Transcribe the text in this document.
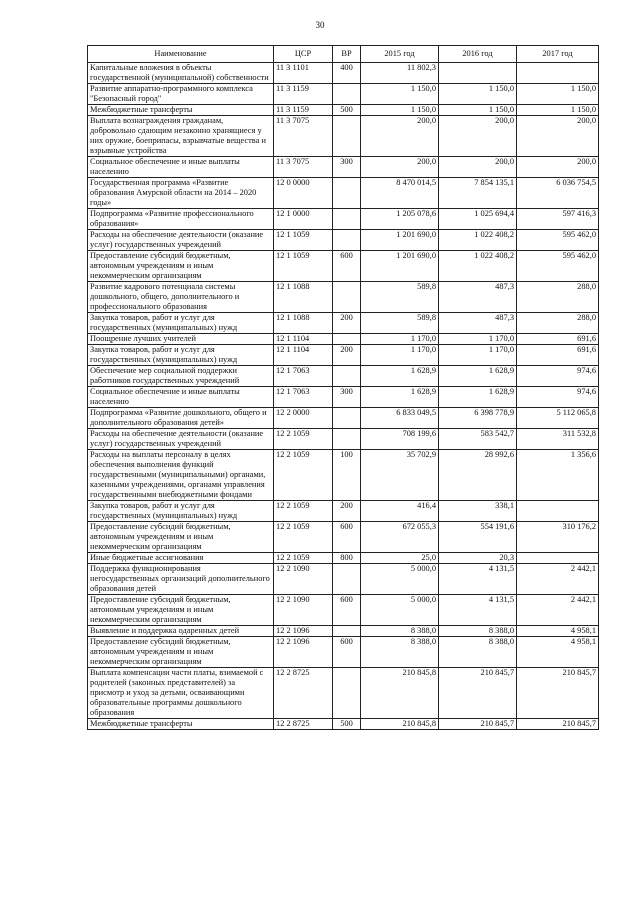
30
Наименование	ЦСР	ВР	2015 год	2016 год	2017 год
Капитальные вложения в объекты государственной (муниципальной) собственности	11 3 1101	400	11 802,3		
Развитие аппаратно-программного комплекса "Безопасный город"	11 3 1159		1 150,0	1 150,0	1 150,0
Межбюджетные трансферты	11 3 1159	500	1 150,0	1 150,0	1 150,0
Выплата вознаграждения гражданам, добровольно сдающим незаконно хранящиеся у них оружие, боеприпасы, взрывчатые вещества и взрывные устройства	11 3 7075		200,0	200,0	200,0
Социальное обеспечение и иные выплаты населению	11 3 7075	300	200,0	200,0	200,0
Государственная программа «Развитие образования Амурской области на 2014 – 2020 годы»	12 0 0000		8 470 014,5	7 854 135,1	6 036 754,5
Подпрограмма «Развитие профессионального образования»	12 1 0000		1 205 078,6	1 025 694,4	597 416,3
Расходы на обеспечение деятельности (оказание услуг) государственных учреждений	12 1 1059		1 201 690,0	1 022 408,2	595 462,0
Предоставление субсидий бюджетным, автономным учреждениям и иным некоммерческим организациям	12 1 1059	600	1 201 690,0	1 022 408,2	595 462,0
Развитие кадрового потенциала системы дошкольного, общего, дополнительного и профессионального образования	12 1 1088		589,8	487,3	288,0
Закупка товаров, работ и услуг для государственных (муниципальных) нужд	12 1 1088	200	589,8	487,3	288,0
Поощрение лучших учителей	12 1 1104		1 170,0	1 170,0	691,6
Закупка товаров, работ и услуг для государственных (муниципальных) нужд	12 1 1104	200	1 170,0	1 170,0	691,6
Обеспечение мер социальной поддержки работников государственных учреждений	12 1 7063		1 628,9	1 628,9	974,6
Социальное обеспечение и иные выплаты населению	12 1 7063	300	1 628,9	1 628,9	974,6
Подпрограмма «Развитие дошкольного, общего и дополнительного образования детей»	12 2 0000		6 833 049,5	6 398 778,9	5 112 065,8
Расходы на обеспечение деятельности (оказание услуг) государственных учреждений	12 2 1059		708 199,6	583 542,7	311 532,8
Расходы на выплаты персоналу в целях обеспечения выполнения функций государственными (муниципальными) органами, казенными учреждениями, органами управления государственными внебюджетными фондами	12 2 1059	100	35 702,9	28 992,6	1 356,6
Закупка товаров, работ и услуг для государственных (муниципальных) нужд	12 2 1059	200	416,4	338,1	
Предоставление субсидий бюджетным, автономным учреждениям и иным некоммерческим организациям	12 2 1059	600	672 055,3	554 191,6	310 176,2
Иные бюджетные ассигнования	12 2 1059	800	25,0	20,3	
Поддержка функционирования негосударственных организаций дополнительного образования детей	12 2 1090		5 000,0	4 131,5	2 442,1
Предоставление субсидий бюджетным, автономным учреждениям и иным некоммерческим организациям	12 2 1090	600	5 000,0	4 131,5	2 442,1
Выявление и поддержка одаренных детей	12 2 1096		8 388,0	8 388,0	4 958,1
Предоставление субсидий бюджетным, автономным учреждениям и иным некоммерческим организациям	12 2 1096	600	8 388,0	8 388,0	4 958,1
Выплата компенсации части платы, взимаемой с родителей (законных представителей) за присмотр и уход за детьми, осваивающими образовательные программы дошкольного образования	12 2 8725		210 845,8	210 845,7	210 845,7
Межбюджетные трансферты	12 2 8725	500	210 845,8	210 845,7	210 845,7
